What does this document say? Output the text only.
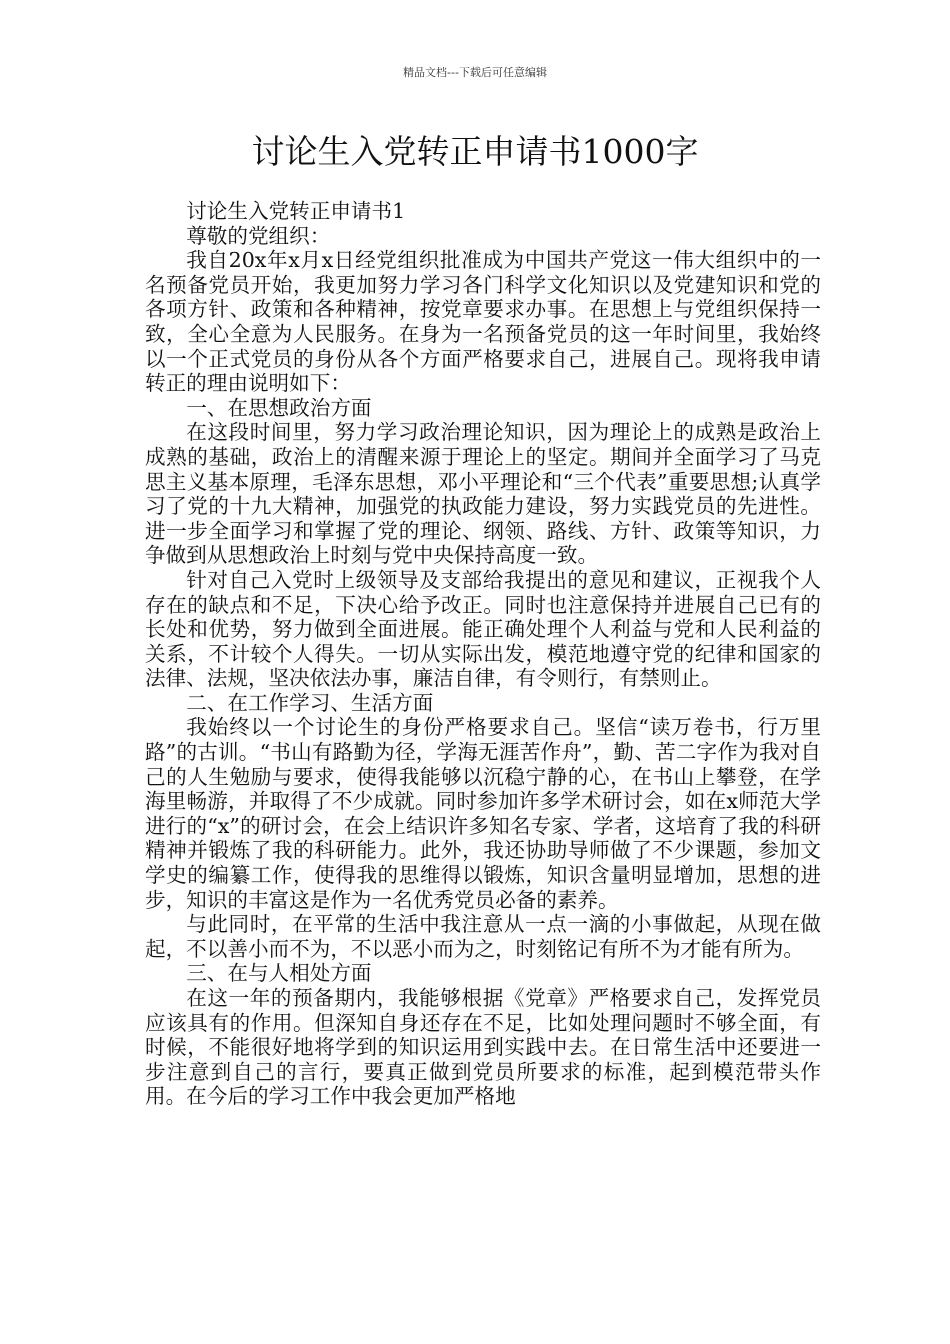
精品文档---下载后可任意编辑
讨论生入党转正申请书1000字

讨论生入党转正申请书1

尊敬的党组织：

我自20x年x月x日经党组织批准成为中国共产党这一伟大组织中的一名预备党员开始，我更加努力学习各门科学文化知识以及党建知识和党的各项方针、政策和各种精神，按党章要求办事。在思想上与党组织保持一致，全心全意为人民服务。在身为一名预备党员的这一年时间里，我始终以一个正式党员的身份从各个方面严格要求自己，进展自己。现将我申请转正的理由说明如下：

一、在思想政治方面

在这段时间里，努力学习政治理论知识，因为理论上的成熟是政治上成熟的基础，政治上的清醒来源于理论上的坚定。期间并全面学习了马克思主义基本原理，毛泽东思想，邓小平理论和“三个代表”重要思想;认真学习了党的十九大精神，加强党的执政能力建设，努力实践党员的先进性。进一步全面学习和掌握了党的理论、纲领、路线、方针、政策等知识，力争做到从思想政治上时刻与党中央保持高度一致。

针对自己入党时上级领导及支部给我提出的意见和建议，正视我个人存在的缺点和不足，下决心给予改正。同时也注意保持并进展自己已有的长处和优势，努力做到全面进展。能正确处理个人利益与党和人民利益的关系，不计较个人得失。一切从实际出发，模范地遵守党的纪律和国家的法律、法规，坚决依法办事，廉洁自律，有令则行，有禁则止。

二、在工作学习、生活方面

我始终以一个讨论生的身份严格要求自己。坚信“读万卷书，行万里路”的古训。“书山有路勤为径，学海无涯苦作舟”，勤、苦二字作为我对自己的人生勉励与要求，使得我能够以沉稳宁静的心，在书山上攀登，在学海里畅游，并取得了不少成就。同时参加许多学术研讨会，如在x师范大学进行的“x”的研讨会，在会上结识许多知名专家、学者，这培育了我的科研精神并锻炼了我的科研能力。此外，我还协助导师做了不少课题，参加文学史的编纂工作，使得我的思维得以锻炼，知识含量明显增加，思想的进步，知识的丰富这是作为一名优秀党员必备的素养。

与此同时，在平常的生活中我注意从一点一滴的小事做起，从现在做起，不以善小而不为，不以恶小而为之，时刻铭记有所不为才能有所为。

三、在与人相处方面

在这一年的预备期内，我能够根据《党章》严格要求自己，发挥党员应该具有的作用。但深知自身还存在不足，比如处理问题时不够全面，有时候，不能很好地将学到的知识运用到实践中去。在日常生活中还要进一步注意到自己的言行，要真正做到党员所要求的标准，起到模范带头作用。在今后的学习工作中我会更加严格地
